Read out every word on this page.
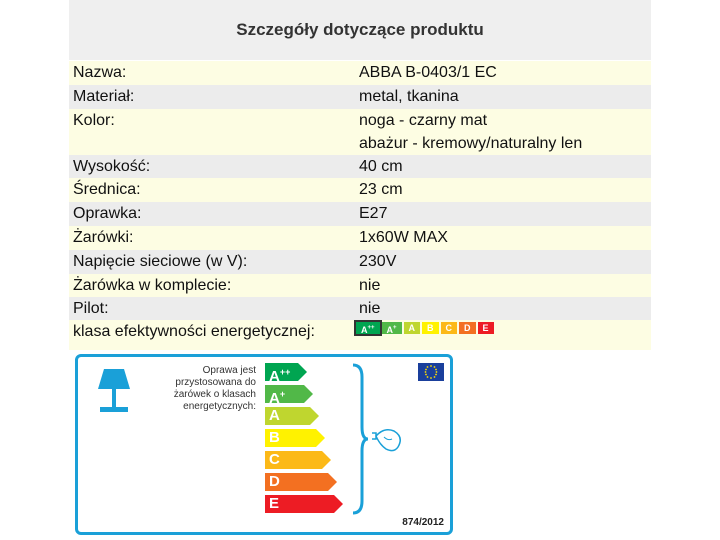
Szczegóły dotyczące produktu
Nazwa:	ABBA B-0403/1 EC
Materiał:	metal, tkanina
Kolor:	noga - czarny mat
abażur - kremowy/naturalny len
Wysokość:	40 cm
Średnica:	23 cm
Oprawka:	E27
Żarówki:	1x60W MAX
Napięcie sieciowe (w V):	230V
Żarówka w komplecie:	nie
Pilot:	nie
klasa efektywności energetycznej:	A++	A+	A	B	C	D	E
Oprawa jest
przystosowana do
żarówek o klasach
energetycznych:
A++
A+
A
B
C
D
E
874/2012
